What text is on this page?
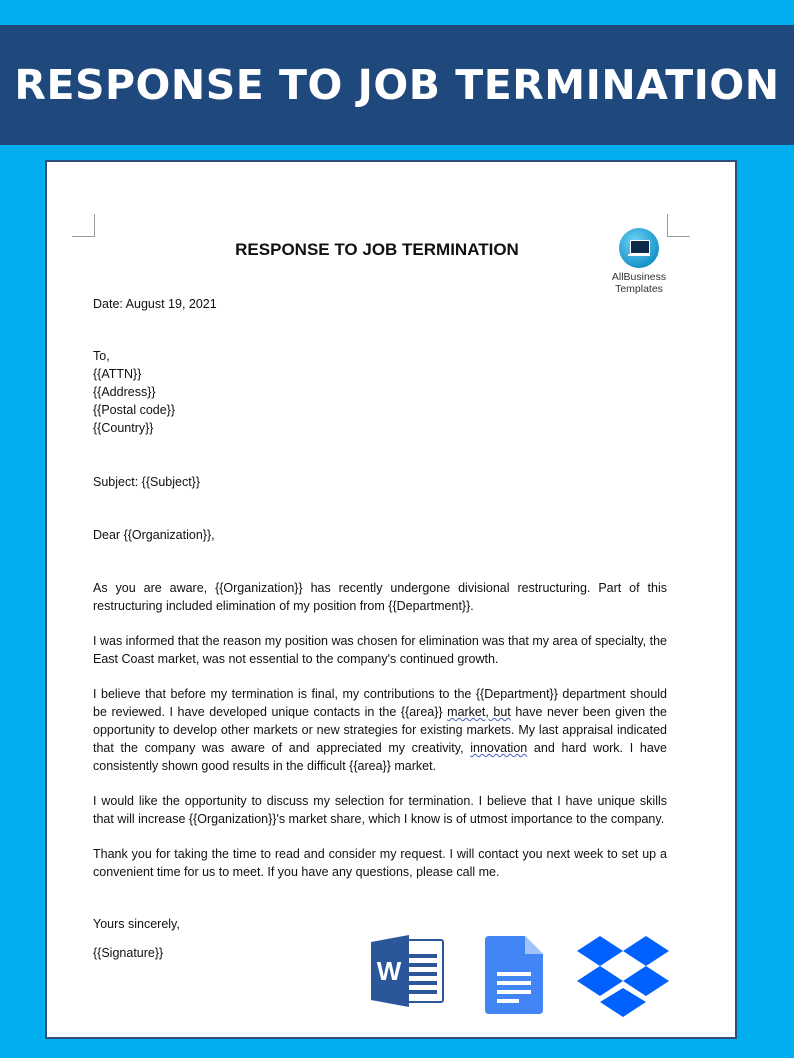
RESPONSE TO JOB TERMINATION
RESPONSE TO JOB TERMINATION
AllBusiness
Templates
Date: August 19, 2021
To,
{{ATTN}}
{{Address}}
{{Postal code}}
{{Country}}
Subject: {{Subject}}
Dear {{Organization}},

As you are aware, {{Organization}} has recently undergone divisional restructuring. Part of this restructuring included elimination of my position from {{Department}}.

I was informed that the reason my position was chosen for elimination was that my area of specialty, the East Coast market, was not essential to the company's continued growth.

I believe that before my termination is final, my contributions to the {{Department}} department should be reviewed. I have developed unique contacts in the {{area}} market, but have never been given the opportunity to develop other markets or new strategies for existing markets. My last appraisal indicated that the company was aware of and appreciated my creativity, innovation and hard work. I have consistently shown good results in the difficult {{area}} market.

I would like the opportunity to discuss my selection for termination. I believe that I have unique skills that will increase {{Organization}}'s market share, which I know is of utmost importance to the company.

Thank you for taking the time to read and consider my request. I will contact you next week to set up a convenient time for us to meet. If you have any questions, please call me.

Yours sincerely,
{{Signature}}
W
